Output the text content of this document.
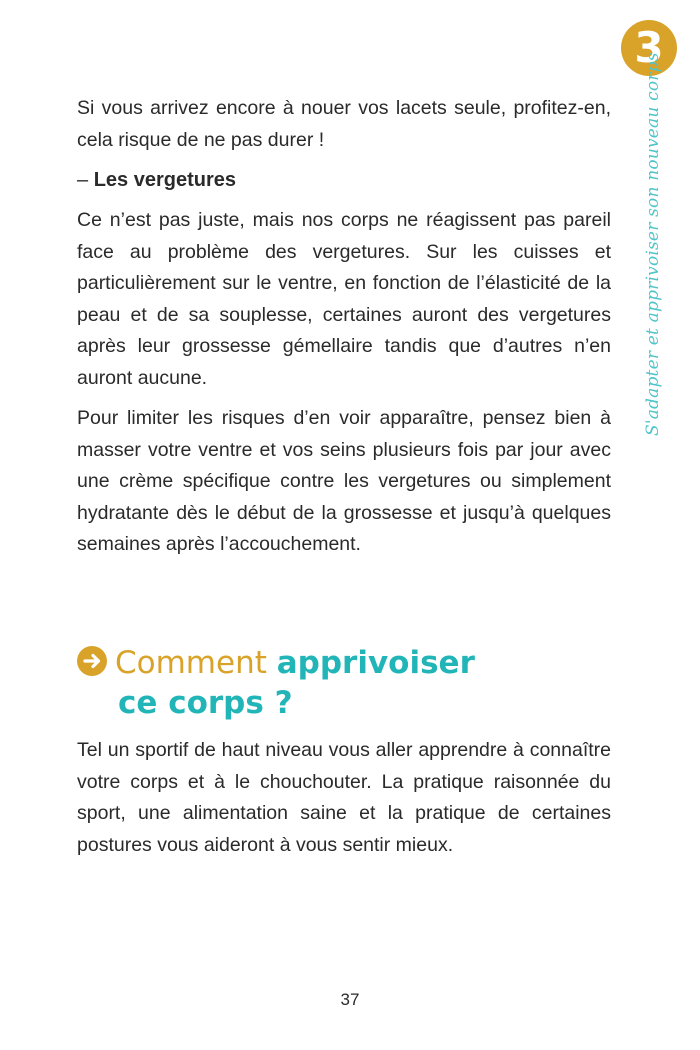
3
S'adapter et apprivoiser son nouveau corps

Si vous arrivez encore à nouer vos lacets seule, profitez-en, cela risque de ne pas durer !

– Les vergetures

Ce n’est pas juste, mais nos corps ne réagissent pas pareil face au problème des vergetures. Sur les cuisses et particulièrement sur le ventre, en fonction de l’élasticité de la peau et de sa souplesse, certaines auront des vergetures après leur grossesse gémellaire tandis que d’autres n’en auront aucune.

Pour limiter les risques d’en voir apparaître, pensez bien à masser votre ventre et vos seins plusieurs fois par jour avec une crème spécifique contre les vergetures ou simplement hydratante dès le début de la grossesse et jusqu’à quelques semaines après l’accouchement.

Comment apprivoiser
ce corps ?

Tel un sportif de haut niveau vous aller apprendre à connaître votre corps et à le chouchouter. La pratique raisonnée du sport, une alimentation saine et la pratique de certaines postures vous aideront à vous sentir mieux.

37
